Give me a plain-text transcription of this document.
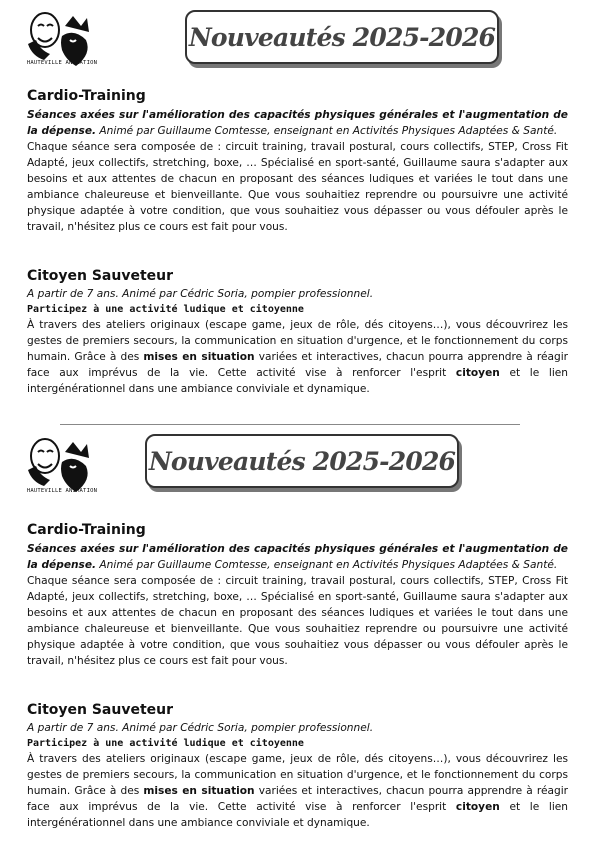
HAUTEVILLE ANIMATION
Nouveautés 2025-2026
Cardio-Training

Séances axées sur l'amélioration des capacités physiques générales et l'augmentation de la dépense. Animé par Guillaume Comtesse, enseignant en Activités Physiques Adaptées & Santé.

Chaque séance sera composée de : circuit training, travail postural, cours collectifs, STEP, Cross Fit Adapté, jeux collectifs, stretching, boxe, … Spécialisé en sport-santé, Guillaume saura s'adapter aux besoins et aux attentes de chacun en proposant des séances ludiques et variées le tout dans une ambiance chaleureuse et bienveillante. Que vous souhaitiez reprendre ou poursuivre une activité physique adaptée à votre condition, que vous souhaitiez vous dépasser ou vous défouler après le travail, n'hésitez plus ce cours est fait pour vous.

Citoyen Sauveteur

A partir de 7 ans. Animé par Cédric Soria, pompier professionnel.

Participez à une activité ludique et citoyenne

À travers des ateliers originaux (escape game, jeux de rôle, dés citoyens…), vous découvrirez les gestes de premiers secours, la communication en situation d'urgence, et le fonctionnement du corps humain. Grâce à des mises en situation variées et interactives, chacun pourra apprendre à réagir face aux imprévus de la vie. Cette activité vise à renforcer l'esprit citoyen et le lien intergénérationnel dans une ambiance conviviale et dynamique.

HAUTEVILLE ANIMATION
Nouveautés 2025-2026
Cardio-Training

Séances axées sur l'amélioration des capacités physiques générales et l'augmentation de la dépense. Animé par Guillaume Comtesse, enseignant en Activités Physiques Adaptées & Santé.

Chaque séance sera composée de : circuit training, travail postural, cours collectifs, STEP, Cross Fit Adapté, jeux collectifs, stretching, boxe, … Spécialisé en sport-santé, Guillaume saura s'adapter aux besoins et aux attentes de chacun en proposant des séances ludiques et variées le tout dans une ambiance chaleureuse et bienveillante. Que vous souhaitiez reprendre ou poursuivre une activité physique adaptée à votre condition, que vous souhaitiez vous dépasser ou vous défouler après le travail, n'hésitez plus ce cours est fait pour vous.

Citoyen Sauveteur

A partir de 7 ans. Animé par Cédric Soria, pompier professionnel.

Participez à une activité ludique et citoyenne

À travers des ateliers originaux (escape game, jeux de rôle, dés citoyens…), vous découvrirez les gestes de premiers secours, la communication en situation d'urgence, et le fonctionnement du corps humain. Grâce à des mises en situation variées et interactives, chacun pourra apprendre à réagir face aux imprévus de la vie. Cette activité vise à renforcer l'esprit citoyen et le lien intergénérationnel dans une ambiance conviviale et dynamique.
